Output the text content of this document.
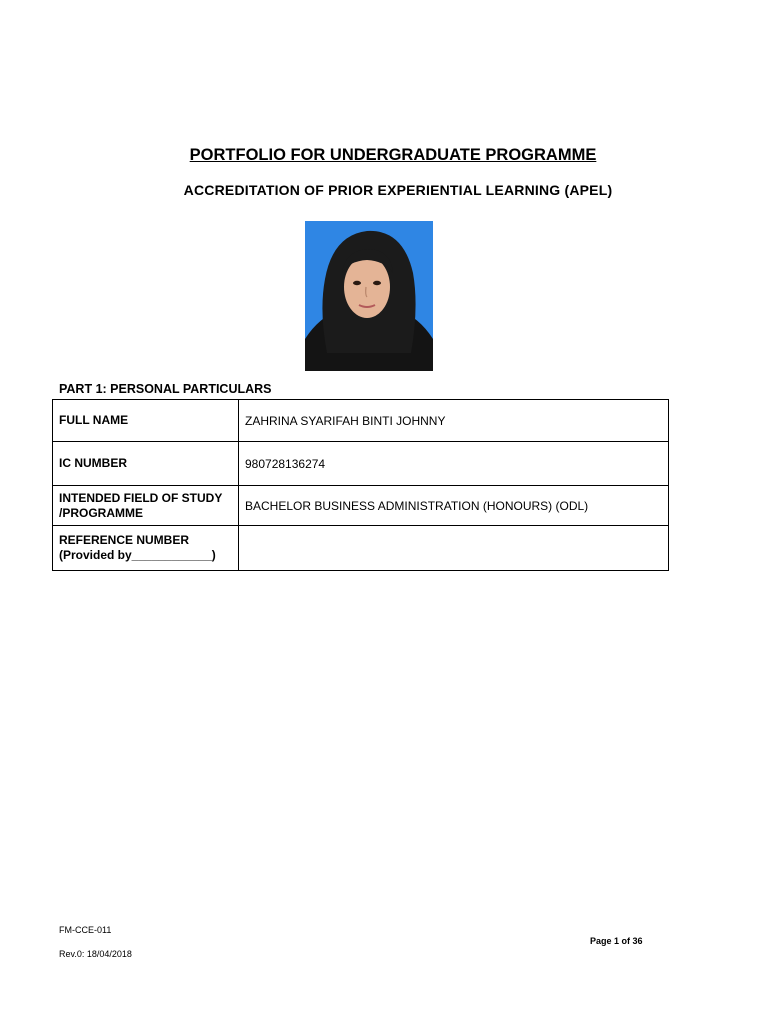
PORTFOLIO FOR UNDERGRADUATE PROGRAMME
ACCREDITATION OF PRIOR EXPERIENTIAL LEARNING (APEL)
PART 1: PERSONAL PARTICULARS
FULL NAME	ZAHRINA SYARIFAH BINTI JOHNNY
IC NUMBER	980728136274
INTENDED FIELD OF STUDY
/PROGRAMME	BACHELOR BUSINESS ADMINISTRATION (HONOURS) (ODL)
REFERENCE NUMBER
(Provided by____________)	
FM-CCE-011
Rev.0: 18/04/2018
Page 1 of 36
